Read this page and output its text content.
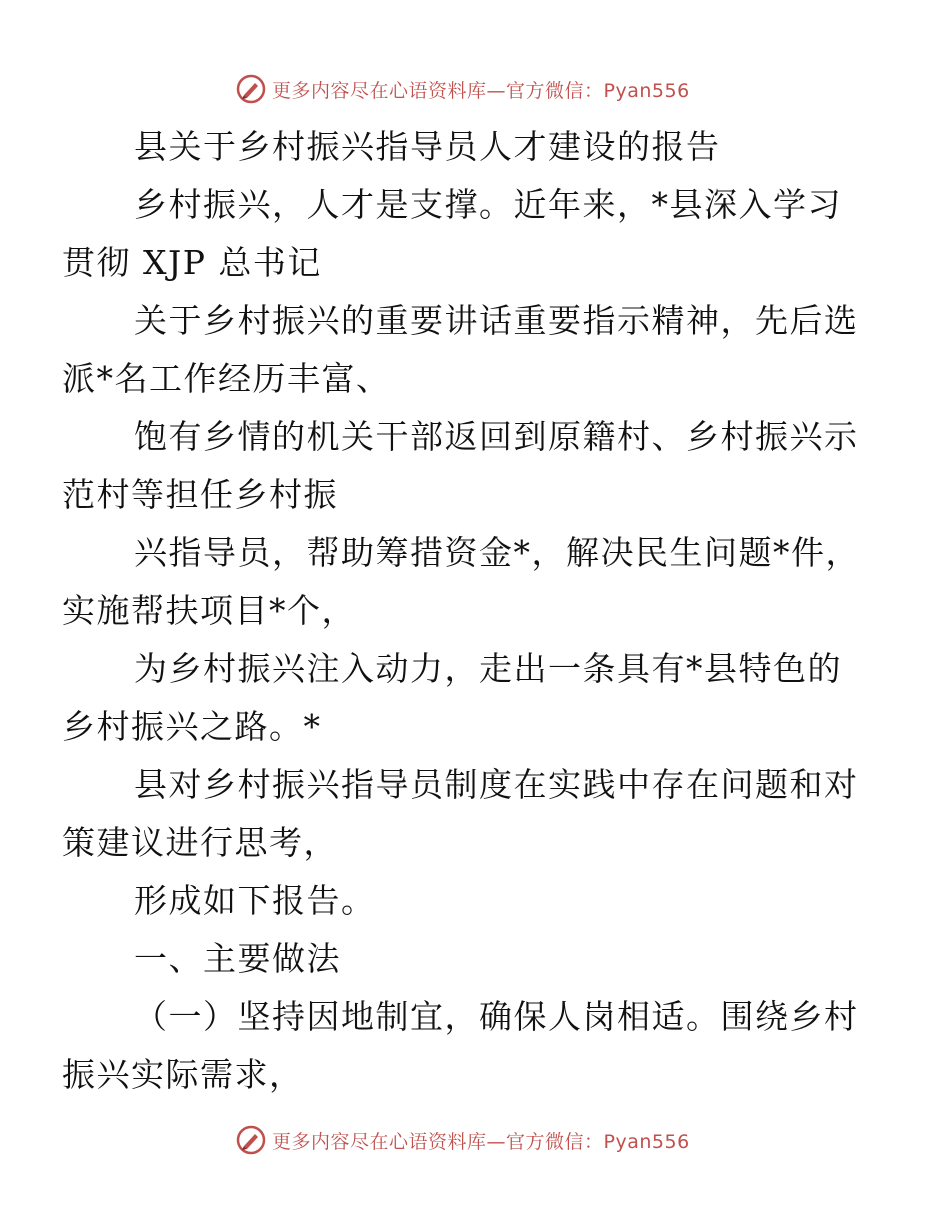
更多内容尽在心语资料库—官方微信：Pyan556

县关于乡村振兴指导员人才建设的报告

乡村振兴，人才是支撑。近年来，*县深入学习
贯彻 XJP 总书记

关于乡村振兴的重要讲话重要指示精神，先后选
派*名工作经历丰富、

饱有乡情的机关干部返回到原籍村、乡村振兴示
范村等担任乡村振

兴指导员，帮助筹措资金*，解决民生问题*件，
实施帮扶项目*个，

为乡村振兴注入动力，走出一条具有*县特色的
乡村振兴之路。*

县对乡村振兴指导员制度在实践中存在问题和对
策建议进行思考，

形成如下报告。

一、主要做法

（一）坚持因地制宜，确保人岗相适。围绕乡村
振兴实际需求，

更多内容尽在心语资料库—官方微信：Pyan556
